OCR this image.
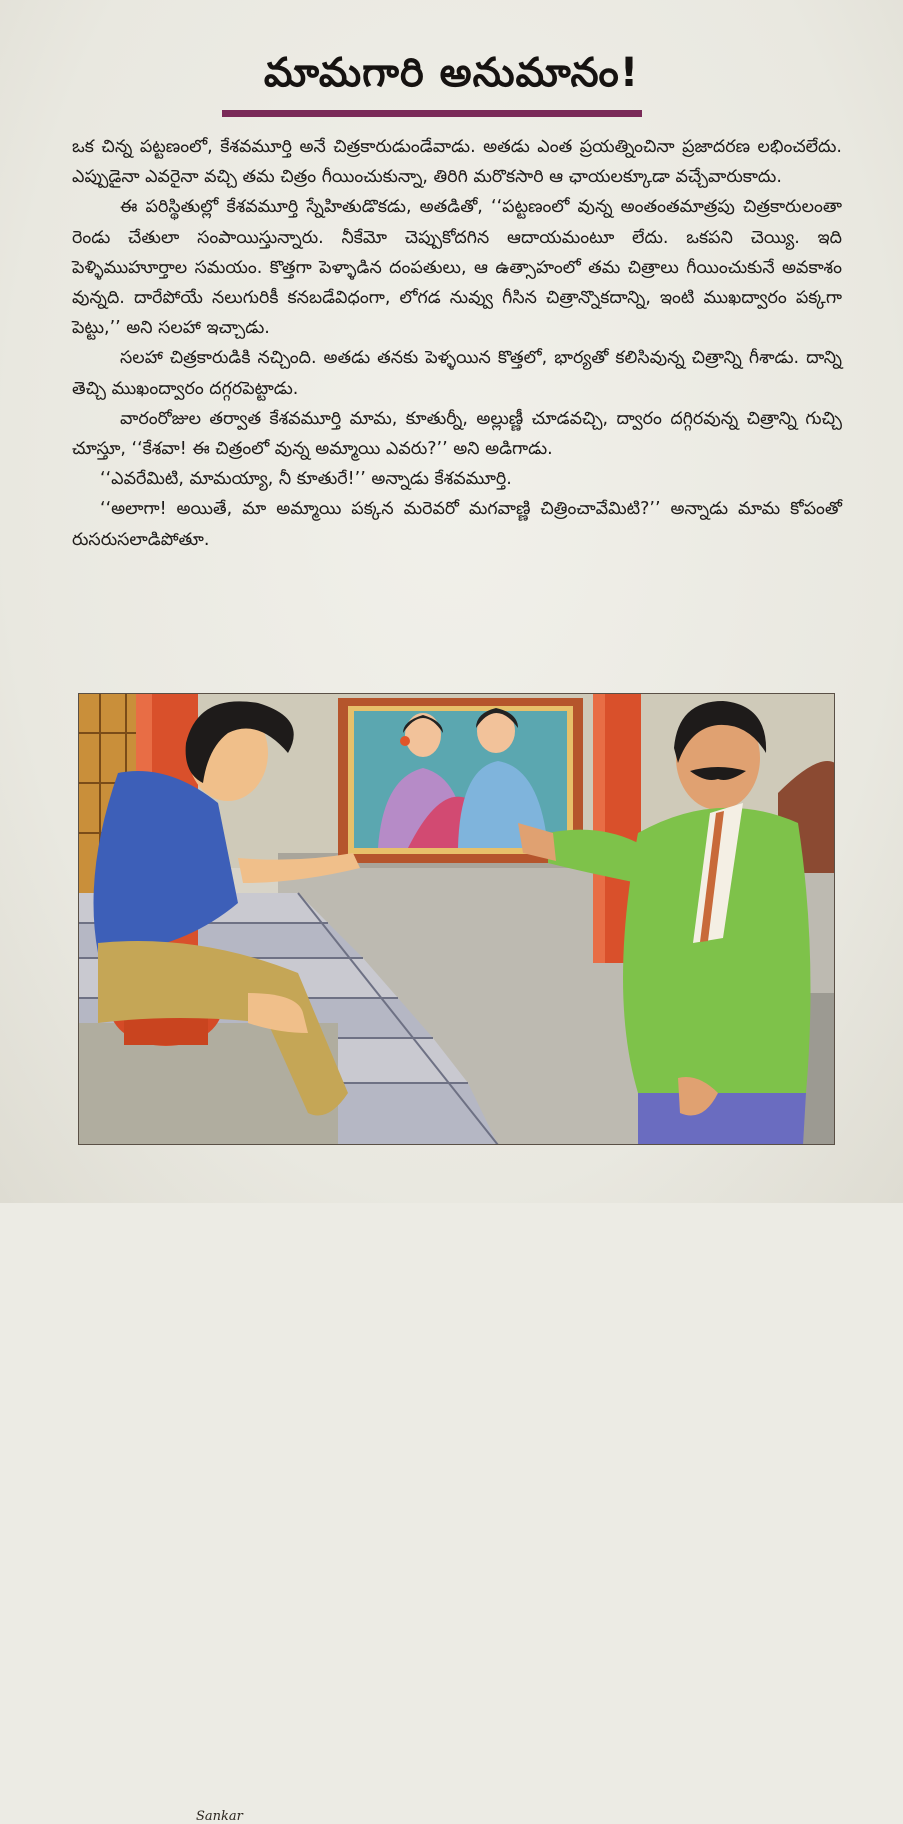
మామగారి అనుమానం!

ఒక చిన్న పట్టణంలో, కేశవమూర్తి అనే చిత్రకారుడుండేవాడు. అతడు ఎంత ప్రయత్నించినా ప్రజాదరణ లభించలేదు. ఎప్పుడైనా ఎవరైనా వచ్చి తమ చిత్రం గీయించుకున్నా, తిరిగి మరొకసారి ఆ ఛాయలక్కూడా వచ్చేవారుకాదు.

ఈ పరిస్థితుల్లో కేశవమూర్తి స్నేహితుడొకడు, అతడితో, ‘‘పట్టణంలో వున్న అంతంతమాత్రపు చిత్రకారులంతా రెండు చేతులా సంపాయిస్తున్నారు. నీకేమో చెప్పుకోదగిన ఆదాయమంటూ లేదు. ఒకపని చెయ్యి. ఇది పెళ్ళిముహూర్తాల సమయం. కొత్తగా పెళ్ళాడిన దంపతులు, ఆ ఉత్సాహంలో తమ చిత్రాలు గీయించుకునే అవకాశం వున్నది. దారేపోయే నలుగురికీ కనబడేవిధంగా, లోగడ నువ్వు గీసిన చిత్రాన్నొకదాన్ని, ఇంటి ముఖద్వారం పక్కగా పెట్టు,’’ అని సలహా ఇచ్చాడు.

సలహా చిత్రకారుడికి నచ్చింది. అతడు తనకు పెళ్ళయిన కొత్తలో, భార్యతో కలిసివున్న చిత్రాన్ని గీశాడు. దాన్ని తెచ్చి ముఖంద్వారం దగ్గరపెట్టాడు.

వారంరోజుల తర్వాత కేశవమూర్తి మామ, కూతుర్నీ, అల్లుణ్ణీ చూడవచ్చి, ద్వారం దగ్గిరవున్న చిత్రాన్ని గుచ్చి చూస్తూ, ‘‘కేశవా! ఈ చిత్రంలో వున్న అమ్మాయి ఎవరు?’’ అని అడిగాడు.

‘‘ఎవరేమిటి, మామయ్యా, నీ కూతురే!’’ అన్నాడు కేశవమూర్తి.

‘‘అలాగా! అయితే, మా అమ్మాయి పక్కన మరెవరో మగవాణ్ణి చిత్రించావేమిటి?’’ అన్నాడు మామ కోపంతో రుసరుసలాడిపోతూ.

Sankar
